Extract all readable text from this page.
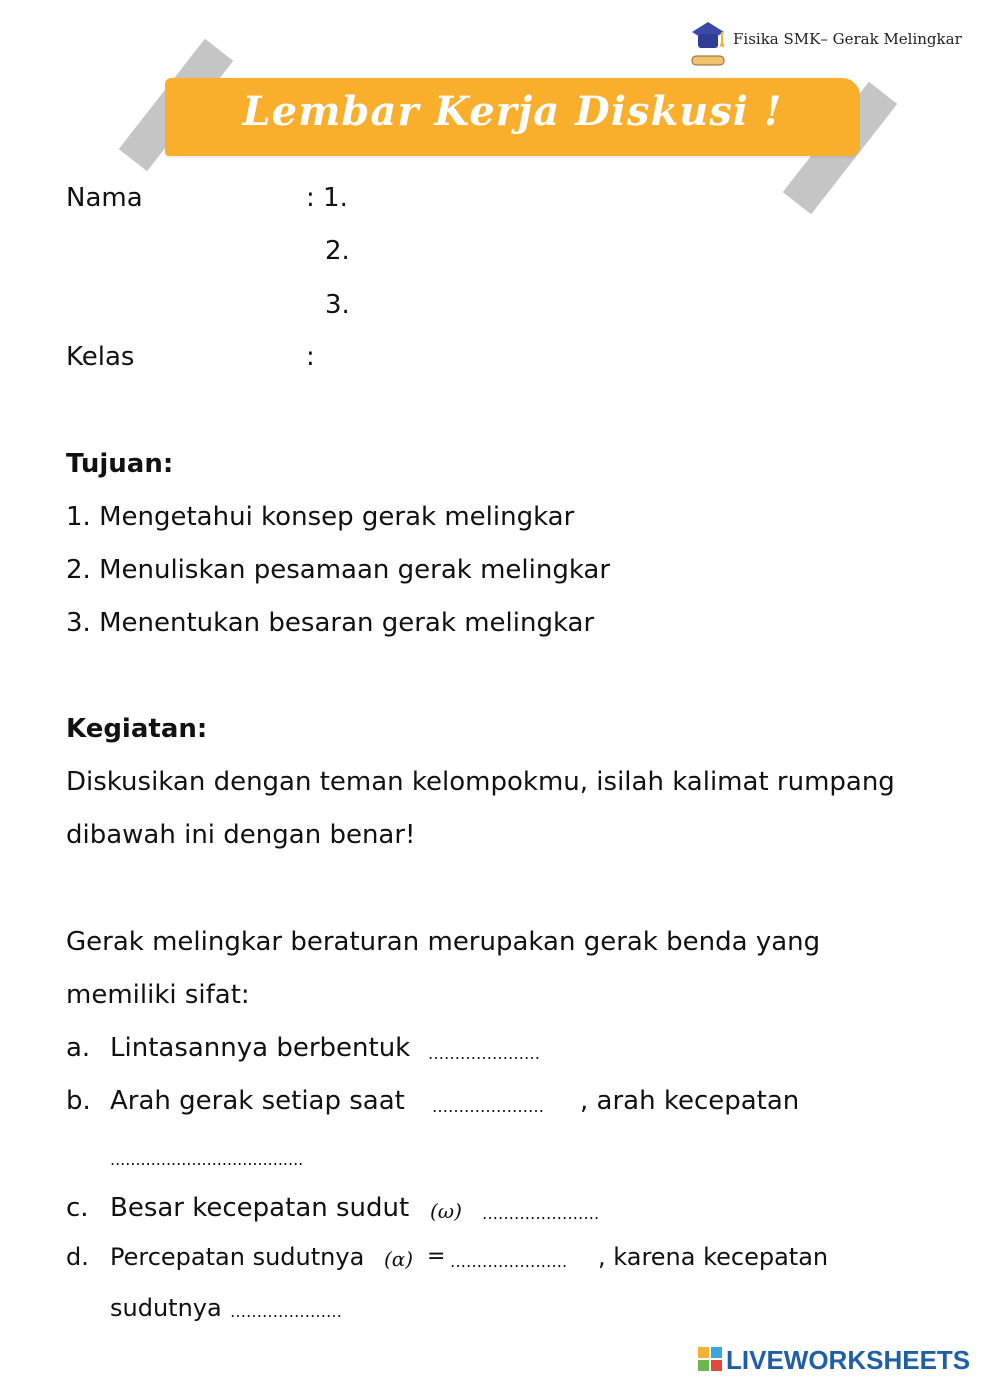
Fisika SMK– Gerak Melingkar
Lembar Kerja Diskusi !
Nama	: 1.
2.
3.
Kelas	:
Tujuan:
1. Mengetahui konsep gerak melingkar
2. Menuliskan pesamaan gerak melingkar
3. Menentukan besaran gerak melingkar
Kegiatan:
Diskusikan dengan teman kelompokmu, isilah kalimat rumpang
dibawah ini dengan benar!
Gerak melingkar beraturan merupakan gerak benda yang
memiliki sifat:
a. Lintasannya berbentuk …………………
b. Arah gerak setiap saat ………………… , arah kecepatan
......................................
c. Besar kecepatan sudut (ω) ………………….
d. Percepatan sudutnya (α) = …………………. , karena kecepatan
sudutnya …………………
LIVEWORKSHEETS
